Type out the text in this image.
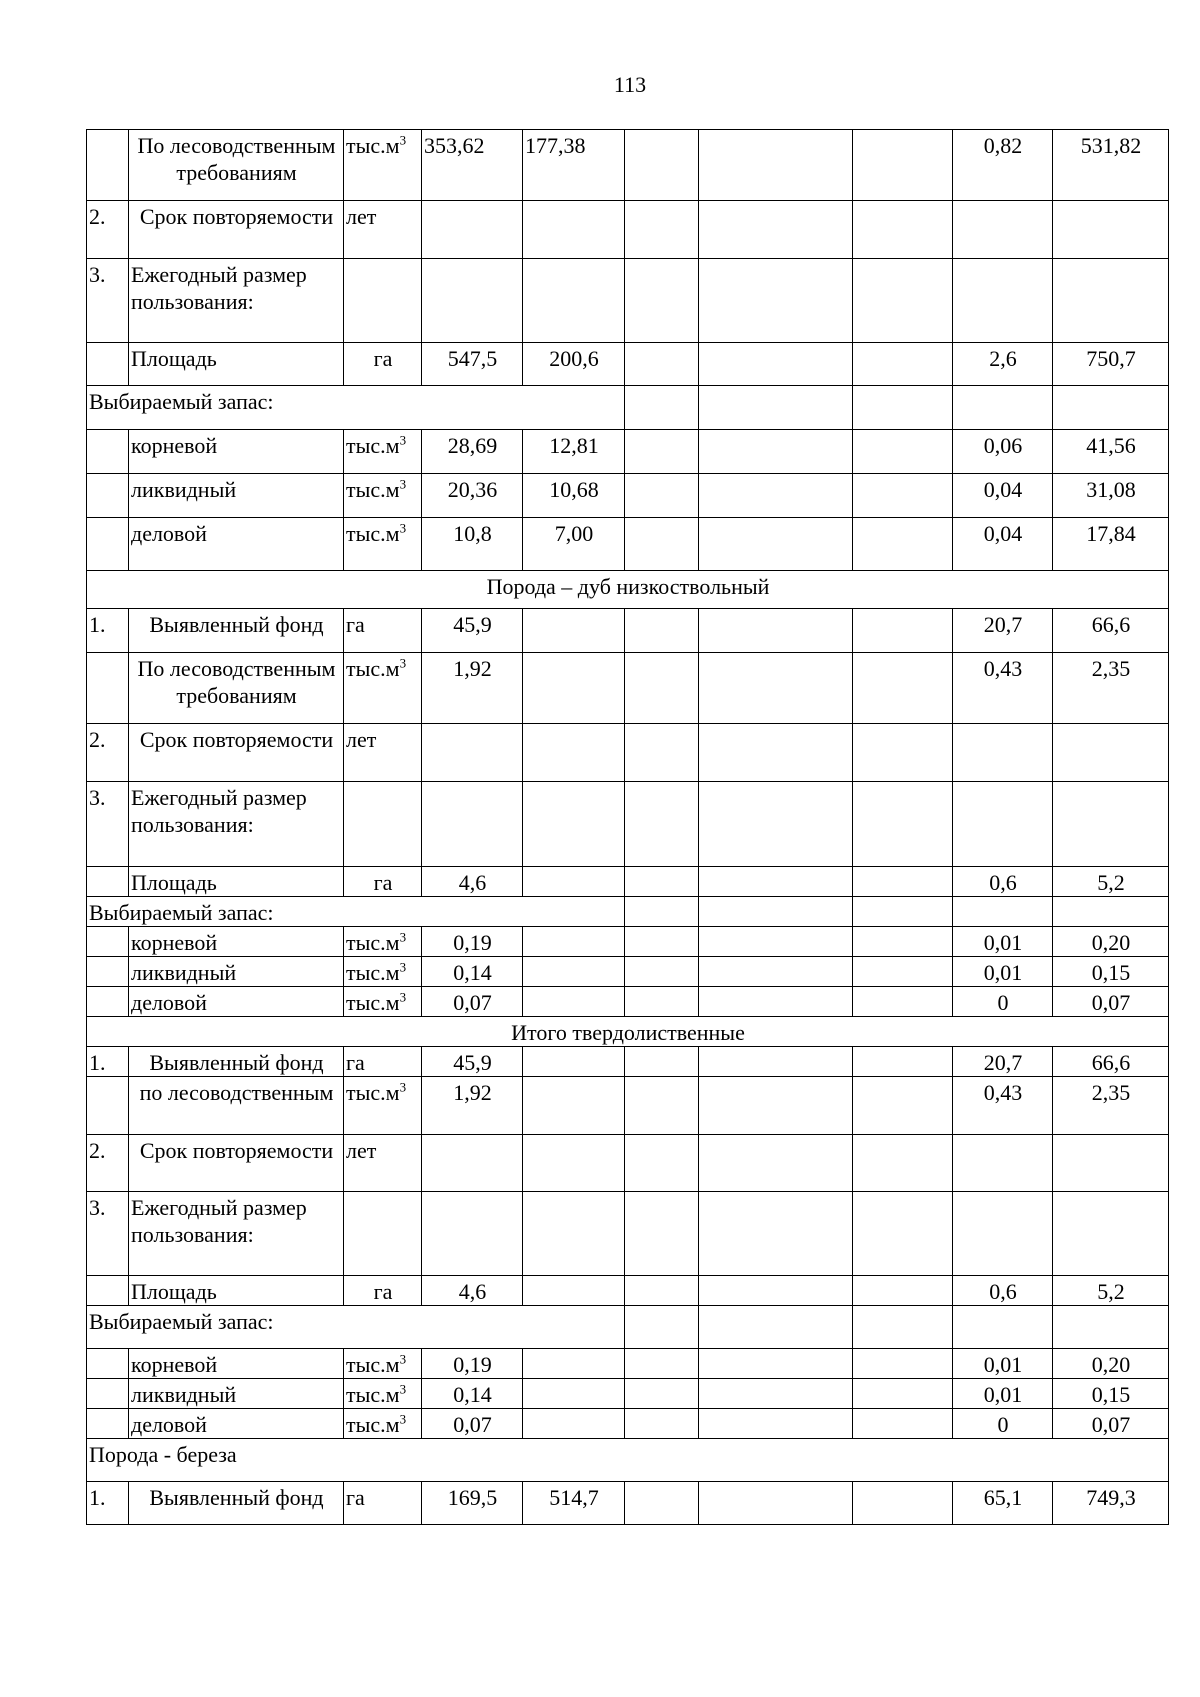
113

	По лесоводственным требованиям	$тыс.м^3$	353,62	177,38				0,82	531,82
2.	Срок повторяемости	лет							
3.	Ежегодный размер пользования:								
	Площадь	га	547,5	200,6				2,6	750,7
Выбираемый запас:									
	корневой	$тыс.м^3$	28,69	12,81				0,06	41,56
	ликвидный	$тыс.м^3$	20,36	10,68				0,04	31,08
	деловой	$тыс.м^3$	10,8	7,00				0,04	17,84
Порода – дуб низкоствольный									
1.	Выявленный фонд	га	45,9					20,7	66,6

	По лесоводственным требованиям	$тыс.м^3$	1,92					0,43	2,35
2.	Срок повторяемости	лет							
3.	Ежегодный размер пользования:								
	Площадь	га	4,6					0,6	5,2
Выбираемый запас:									
	корневой	$тыс.м^3$	0,19					0,01	0,20
	ликвидный	$тыс.м^3$	0,14					0,01	0,15
	деловой	$тыс.м^3$	0,07					0	0,07
Итого твердолиственные									
1.	Выявленный фонд	га	45,9					20,7	66,6
	по лесоводственным	$тыс.м^3$	1,92					0,43	2,35
2.	Срок повторяемости	лет							
3.	Ежегодный размер пользования:								
	Площадь	га	4,6					0,6	5,2
Выбираемый запас:									
	корневой	$тыс.м^3$	0,19					0,01	0,20
	ликвидный	$тыс.м^3$	0,14					0,01	0,15
	деловой	$тыс.м^3$	0,07					0	0,07
Порода - береза									
1.	Выявленный фонд	га	169,5	514,7				65,1	749,3
